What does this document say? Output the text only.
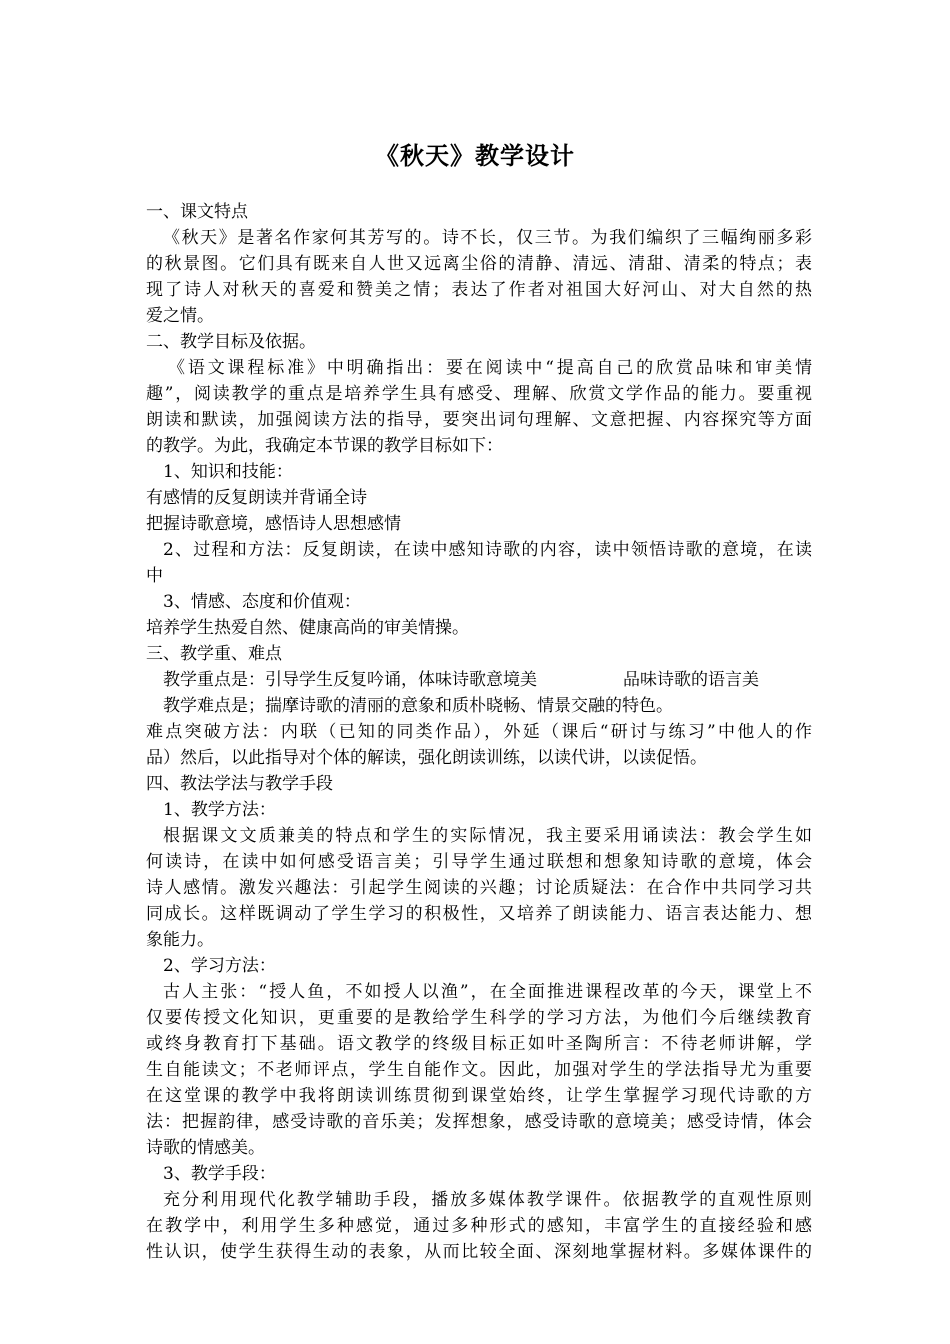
《秋天》教学设计
一、课文特点
《秋天》是著名作家何其芳写的。诗不长，仅三节。为我们编织了三幅绚丽多彩
的秋景图。它们具有既来自人世又远离尘俗的清静、清远、清甜、清柔的特点；表
现了诗人对秋天的喜爱和赞美之情；表达了作者对祖国大好河山、对大自然的热
爱之情。
二、教学目标及依据。
《语文课程标准》中明确指出：要在阅读中“提高自己的欣赏品味和审美情
趣”，阅读教学的重点是培养学生具有感受、理解、欣赏文学作品的能力。要重视
朗读和默读，加强阅读方法的指导，要突出词句理解、文意把握、内容探究等方面
的教学。为此，我确定本节课的教学目标如下：
1、知识和技能：
有感情的反复朗读并背诵全诗
把握诗歌意境，感悟诗人思想感情
2、过程和方法：反复朗读，在读中感知诗歌的内容，读中领悟诗歌的意境，在读
中
3、情感、态度和价值观：
培养学生热爱自然、健康高尚的审美情操。
三、教学重、难点
教学重点是：引导学生反复吟诵，体味诗歌意境美	品味诗歌的语言美
教学难点是；揣摩诗歌的清丽的意象和质朴晓畅、情景交融的特色。
难点突破方法：内联（已知的同类作品），外延（课后“研讨与练习”中他人的作
品）然后，以此指导对个体的解读，强化朗读训练，以读代讲，以读促悟。
四、教法学法与教学手段
1、教学方法：
根据课文文质兼美的特点和学生的实际情况，我主要采用诵读法：教会学生如
何读诗，在读中如何感受语言美；引导学生通过联想和想象知诗歌的意境，体会
诗人感情。激发兴趣法：引起学生阅读的兴趣；讨论质疑法：在合作中共同学习共
同成长。这样既调动了学生学习的积极性，又培养了朗读能力、语言表达能力、想
象能力。
2、学习方法：
古人主张：“授人鱼，不如授人以渔”，在全面推进课程改革的今天，课堂上不
仅要传授文化知识，更重要的是教给学生科学的学习方法，为他们今后继续教育
或终身教育打下基础。语文教学的终级目标正如叶圣陶所言：不待老师讲解，学
生自能读文；不老师评点，学生自能作文。因此，加强对学生的学法指导尤为重要
在这堂课的教学中我将朗读训练贯彻到课堂始终，让学生掌握学习现代诗歌的方
法：把握韵律，感受诗歌的音乐美；发挥想象，感受诗歌的意境美；感受诗情，体会
诗歌的情感美。
3、教学手段：
充分利用现代化教学辅助手段，播放多媒体教学课件。依据教学的直观性原则
在教学中，利用学生多种感觉，通过多种形式的感知，丰富学生的直接经验和感
性认识，使学生获得生动的表象，从而比较全面、深刻地掌握材料。多媒体课件的
